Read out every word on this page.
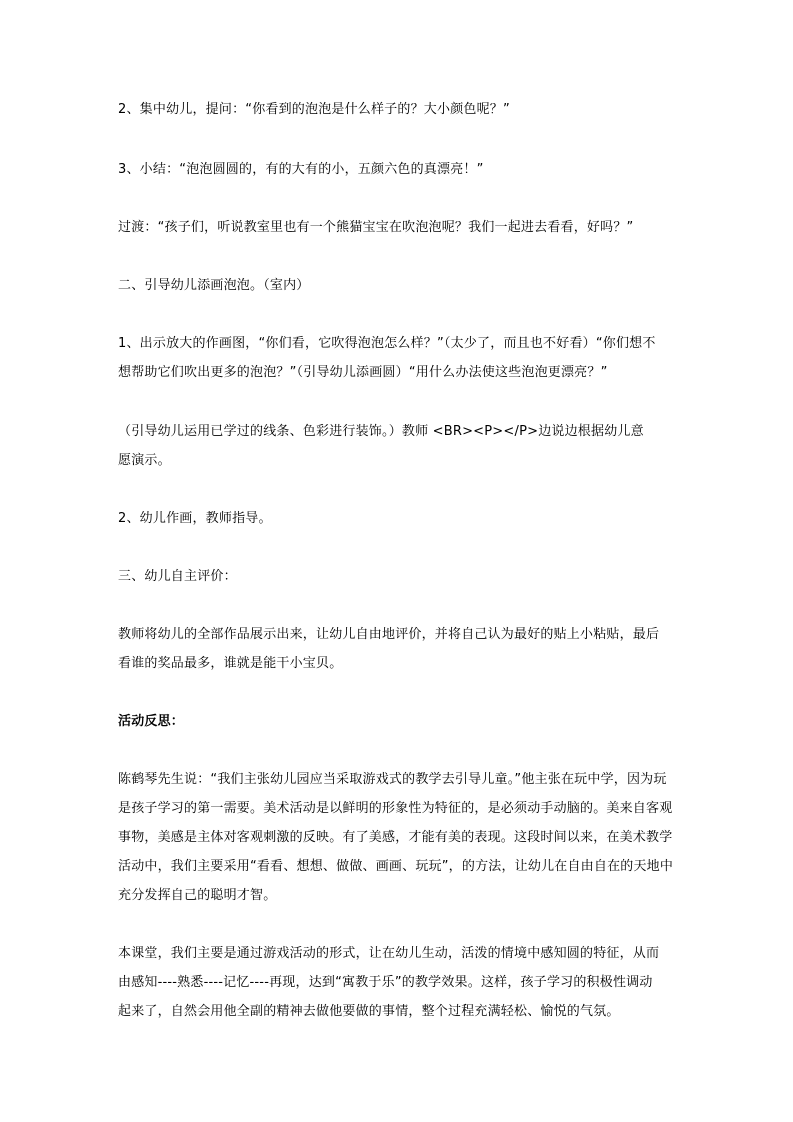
2、集中幼儿，提问：“你看到的泡泡是什么样子的？大小颜色呢？”
3、小结：“泡泡圆圆的，有的大有的小，五颜六色的真漂亮！”
过渡：“孩子们，听说教室里也有一个熊猫宝宝在吹泡泡呢？我们一起进去看看，好吗？”
二、引导幼儿添画泡泡。（室内）
1、出示放大的作画图，“你们看，它吹得泡泡怎么样？”（太少了，而且也不好看）“你们想不
想帮助它们吹出更多的泡泡？”（引导幼儿添画圆）“用什么办法使这些泡泡更漂亮？”
（引导幼儿运用已学过的线条、色彩进行装饰。）教师 <BR><P></P>边说边根据幼儿意
愿演示。
2、幼儿作画，教师指导。
三、幼儿自主评价：
教师将幼儿的全部作品展示出来，让幼儿自由地评价，并将自己认为最好的贴上小粘贴，最后
看谁的奖品最多，谁就是能干小宝贝。
活动反思：
陈鹤琴先生说：“我们主张幼儿园应当采取游戏式的教学去引导儿童。”他主张在玩中学，因为玩
是孩子学习的第一需要。美术活动是以鲜明的形象性为特征的，是必须动手动脑的。美来自客观
事物，美感是主体对客观刺激的反映。有了美感，才能有美的表现。这段时间以来，在美术教学
活动中，我们主要采用“看看、想想、做做、画画、玩玩”，的方法，让幼儿在自由自在的天地中
充分发挥自己的聪明才智。
本课堂，我们主要是通过游戏活动的形式，让在幼儿生动，活泼的情境中感知圆的特征，从而
由感知----熟悉----记忆----再现，达到“寓教于乐”的教学效果。这样，孩子学习的积极性调动
起来了，自然会用他全副的精神去做他要做的事情，整个过程充满轻松、愉悦的气氛。
